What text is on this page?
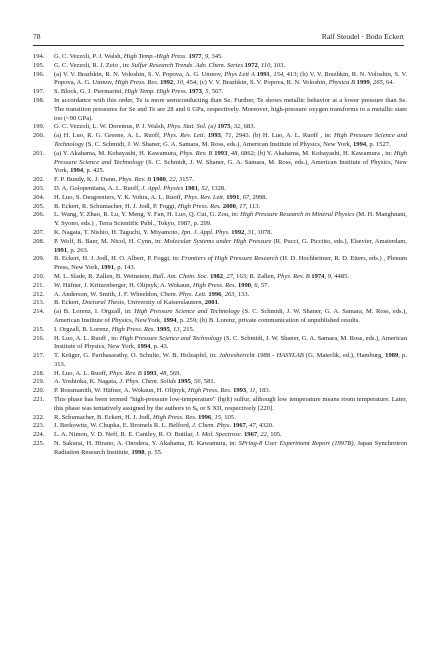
78	Ralf Steudel · Bodo Eckert
194. G. C. Vezzoli, P. J. Walsh, High Temp.-High Press. 1977, 9, 345.
195. G. C. Vezzoli, R. J. Zeto , in: Sulfur Research Trends. Adv. Chem. Series 1972, 110, 103.
196. (a) V. V. Brazhkin, R. N. Voloshin, S. V. Popova, A. G. Umnov, Phys Lett A 1991, 154, 413; (b) V. V. Brazhkin, R. N. Voloshin, S. V. Popova, A. G. Umnov, High Press. Res. 1992, 10, 454; (c) V. V. Brazhkin, S. V. Popova, R. N. Voloshin, Physica B 1999, 265, 64.
197. S. Block, G. J. Piermarini, High Temp. High Press. 1973, 5, 567.
198. In accordance with this order, Te is more semiconducting than Se. Further, Te shows metallic behavior at a lower pressure than Se. The transition pressures for Se and Te are 28 and 6 GPa, respectively. Moreover, high-pressure oxygen transforms to a metallic state too (~90 GPa).
199. G. C. Vezzoli, L. W. Doremus, P. J. Walsh, Phys. Stat. Sol. (a) 1975, 32, 683.
200. (a) H. Luo, R. G. Greene, A. L. Ruoff, Phys. Rev. Lett. 1993, 71, 2943. (b) H. Luo, A. L. Ruoff , in: High Pressure Science and Technology (S. C. Schmidt, J. W. Shaner, G. A. Samara, M. Ross, eds.), American Institute of Physics, New York, 1994, p. 1527.
201. (a) Y. Akahama, M. Kobayashi, H. Kawamura, Phys. Rev. B 1993, 48, 6862; (b) Y. Akahama, M. Kobayashi, H. Kawamura , in: High Pressure Science and Technology (S. C. Schmidt, J. W. Shaner, G. A. Samara, M. Ross, eds.), American Institute of Physics, New York, 1994, p. 425.
202. F. P. Bundy, K. J. Dunn, Phys. Rev. B 1980, 22, 3157.
203. D. A. Golopentiana, A. L. Ruoff, J. Appl. Physics 1981, 52, 1328.
204. H. Luo, S. Desgreniers, Y. K. Vohra, A. L. Ruoff, Phys. Rev. Lett. 1991, 67, 2998.
205. B. Eckert, R. Schumacher, H. J. Jodl, P. Foggi, High Press. Res. 2000, 17, 113.
206. L. Wang, Y. Zhao, R. Lu, Y. Meng, Y. Fan, H. Luo, Q. Cui, G. Zou, in: High Pressure Research in Mineral Physics (M. H. Manghnani, Y. Syono, eds.) , Terra Scientific Publ., Tokyo, 1987, p. 299.
207. K. Nagata, T. Nishio, H. Taguchi, Y. Miyamoto, Jpn. J. Appl. Phys. 1992, 31, 1078.
208. P. Wolf, B. Baer, M. Nicol, H. Cynn, in: Molecular Systems under High Pressure (R. Pucci, G. Piccitto, eds.), Elsevier, Amsterdam, 1991, p. 263.
209. B. Eckert, H. J. Jodl, H. O. Albert, P. Foggi, in: Frontiers of High Pressure Research (H. D. Hochheimer, R. D. Etters, eds.) , Plenum Press, New York, 1991, p. 143.
210. M. L. Slade, R. Zallen, B. Weinstein, Bull. Am. Chem. Soc. 1982, 27, 163; R. Zallen, Phys. Rev. B 1974, 9, 4485.
211. W. Häfner, J. Kritzenberger, H. Olijnyk, A. Wokaun, High Press. Res. 1990, 6, 57.
212. A. Anderson, W. Smith, J. F. Wheeldon, Chem. Phys. Lett. 1996, 263, 133.
213. B. Eckert, Doctoral Thesis, University of Kaiserslautern, 2001.
214. (a) B. Lorenz, I. Orgzall, in: High Pressure Science and Technology (S. C. Schmidt, J. W. Shaner, G. A. Samara, M. Ross, eds.), American Institute of Physics, NewYork, 1994, p. 259; (b) B. Lorenz, private communication of unpublished results.
215. I. Orgzall, B. Lorenz, High Press. Res. 1995, 13, 215.
216. H. Luo, A. L. Ruoff , in: High Pressure Science and Technology (S. C. Schmidt, J. W. Shaner, G. A. Samara, M. Ross, eds.), American Institute of Physics, New York, 1994, p. 43.
217. T. Krüger, G. Parthasarathy, O. Schulte, W. B. Holzapfel, in: Jahresbericht 1988 - HASYLAB (G. Materlik, ed.), Hamburg, 1989, p. 313.
218. H. Luo, A. L. Ruoff, Phys. Rev. B 1993, 48, 569.
219. A. Yoshioka, K. Nagata, J. Phys. Chem. Solids 1995, 56, 581.
220. P. Rossmanith, W. Häfner, A. Wokaun, H. Olijnyk, High Press. Res. 1993, 11, 183.
221. This phase has been termed "high-pressure low-temperature" (hplt) sulfur, although low temperature means room temperature. Later, this phase was tentatively assigned by the authors to $S_6$ or S XII, respectively [220].
222. R. Schumacher, B. Eckert, H. J. Jodl, High Press. Res. 1996, 15, 105.
223. J. Berkowitz, W. Chupka, E. Bromels R. L. Belford, J. Chem. Phys. 1967, 47, 4320.
224. L. A. Nimon, V. D. Neff, R. E. Cantley, R. O. Buttlar, J. Mol. Spectrosc. 1967, 22, 105.
225. N. Sakurai, H. Hirano, A. Onodera, Y. Akahama, H. Kawamura, in: SPring-8 User Experiment Report (1997B), Japan Synchrotron Radiation Research Institute, 1998, p. 55.
